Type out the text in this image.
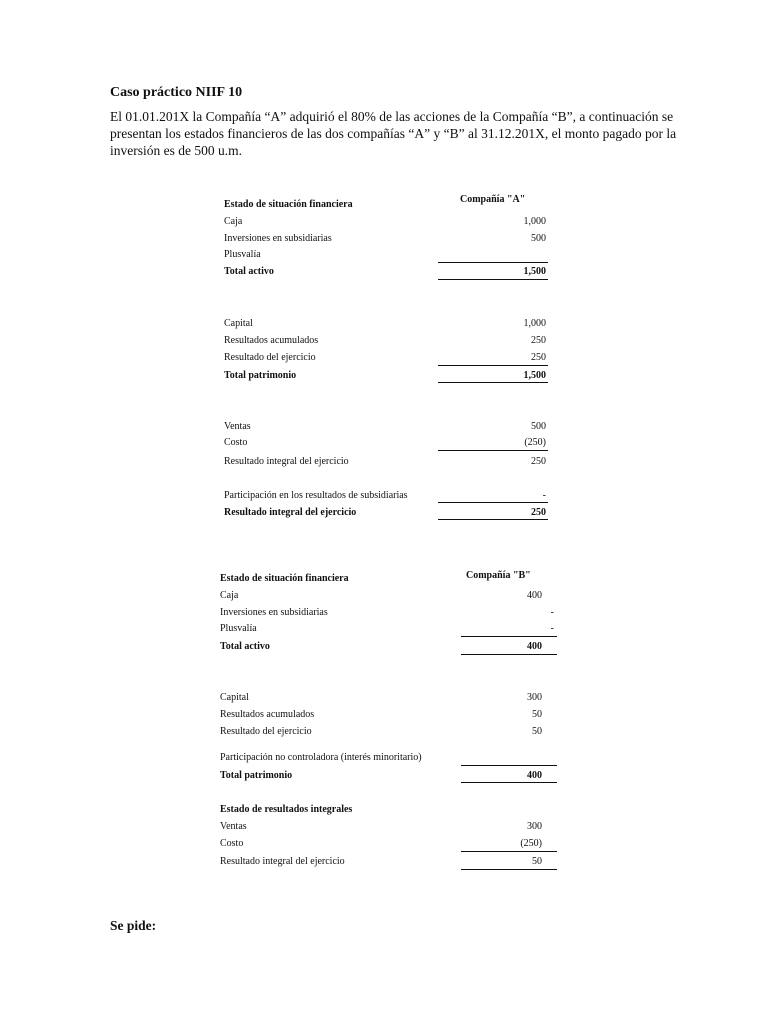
Caso práctico NIIF 10
El 01.01.201X la Compañía “A” adquirió el 80% de las acciones de la Compañía “B”, a continuación se
presentan los estados financieros de las dos compañías “A” y “B” al 31.12.201X, el monto pagado por la
inversión es de 500 u.m.
Estado de situación financiera	Compañía "A"
Caja	1,000
Inversiones en subsidiarias	500
Plusvalía
Total activo	1,500
Capital	1,000
Resultados acumulados	250
Resultado del ejercicio	250
Total patrimonio	1,500
Ventas	500
Costo	(250)
Resultado integral del ejercicio	250
Participación en los resultados de subsidiarias	-
Resultado integral del ejercicio	250
Estado de situación financiera	Compañía "B"
Caja	400
Inversiones en subsidiarias	-
Plusvalía	-
Total activo	400
Capital	300
Resultados acumulados	50
Resultado del ejercicio	50
Participación no controladora (interés minoritario)
Total patrimonio	400
Estado de resultados integrales
Ventas	300
Costo	(250)
Resultado integral del ejercicio	50
Se pide:
